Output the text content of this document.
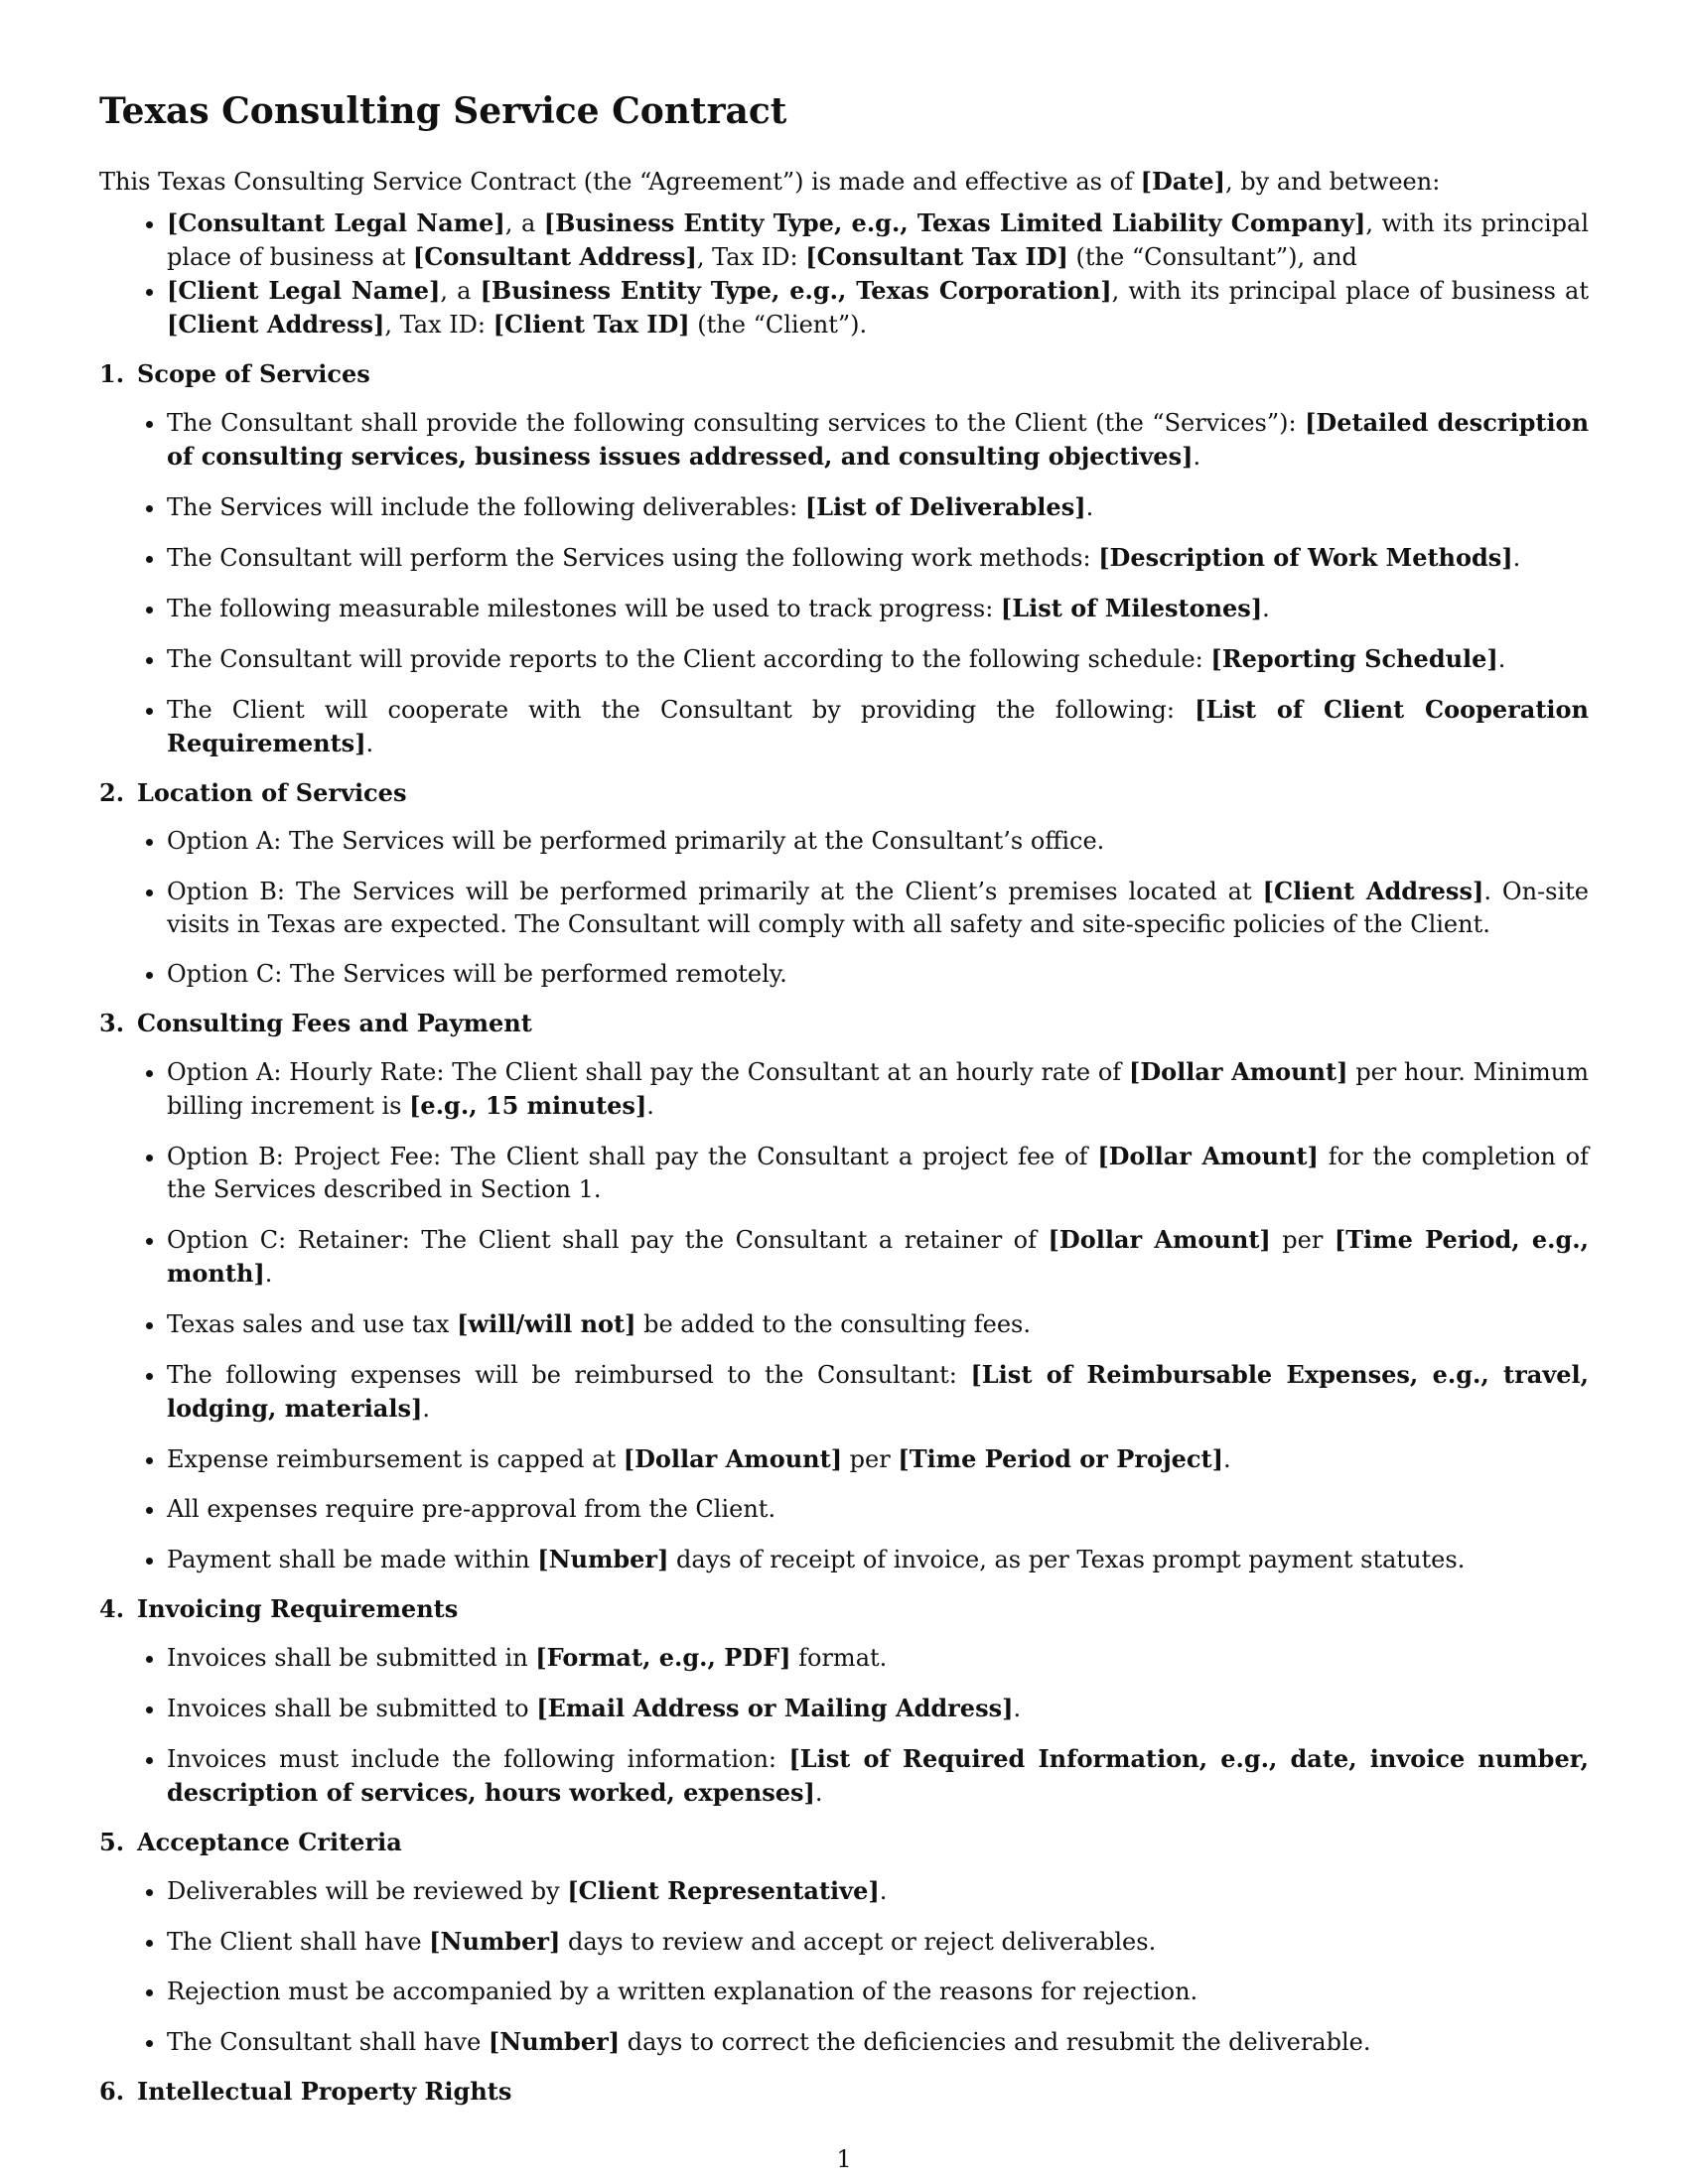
Texas Consulting Service Contract

This Texas Consulting Service Contract (the “Agreement”) is made and effective as of [Date], by and between:

• [Consultant Legal Name], a [Business Entity Type, e.g., Texas Limited Liability Company], with its principal place of business at [Consultant Address], Tax ID: [Consultant Tax ID] (the “Consultant”), and
• [Client Legal Name], a [Business Entity Type, e.g., Texas Corporation], with its principal place of business at [Client Address], Tax ID: [Client Tax ID] (the “Client”).
1. Scope of Services
• The Consultant shall provide the following consulting services to the Client (the “Services”): [Detailed description of consulting services, business issues addressed, and consulting objectives].
• The Services will include the following deliverables: [List of Deliverables].
• The Consultant will perform the Services using the following work methods: [Description of Work Methods].
• The following measurable milestones will be used to track progress: [List of Milestones].
• The Consultant will provide reports to the Client according to the following schedule: [Reporting Schedule].
• The Client will cooperate with the Consultant by providing the following: [List of Client Cooperation Requirements].
2. Location of Services
• Option A: The Services will be performed primarily at the Consultant’s office.
• Option B: The Services will be performed primarily at the Client’s premises located at [Client Address]. On-site visits in Texas are expected. The Consultant will comply with all safety and site-specific policies of the Client.
• Option C: The Services will be performed remotely.
3. Consulting Fees and Payment
• Option A: Hourly Rate: The Client shall pay the Consultant at an hourly rate of [Dollar Amount] per hour. Minimum billing increment is [e.g., 15 minutes].
• Option B: Project Fee: The Client shall pay the Consultant a project fee of [Dollar Amount] for the completion of the Services described in Section 1.
• Option C: Retainer: The Client shall pay the Consultant a retainer of [Dollar Amount] per [Time Period, e.g., month].
• Texas sales and use tax [will/will not] be added to the consulting fees.
• The following expenses will be reimbursed to the Consultant: [List of Reimbursable Expenses, e.g., travel, lodging, materials].
• Expense reimbursement is capped at [Dollar Amount] per [Time Period or Project].
• All expenses require pre-approval from the Client.
• Payment shall be made within [Number] days of receipt of invoice, as per Texas prompt payment statutes.
4. Invoicing Requirements
• Invoices shall be submitted in [Format, e.g., PDF] format.
• Invoices shall be submitted to [Email Address or Mailing Address].
• Invoices must include the following information: [List of Required Information, e.g., date, invoice number, description of services, hours worked, expenses].
5. Acceptance Criteria
• Deliverables will be reviewed by [Client Representative].
• The Client shall have [Number] days to review and accept or reject deliverables.
• Rejection must be accompanied by a written explanation of the reasons for rejection.
• The Consultant shall have [Number] days to correct the deficiencies and resubmit the deliverable.
6. Intellectual Property Rights
1
